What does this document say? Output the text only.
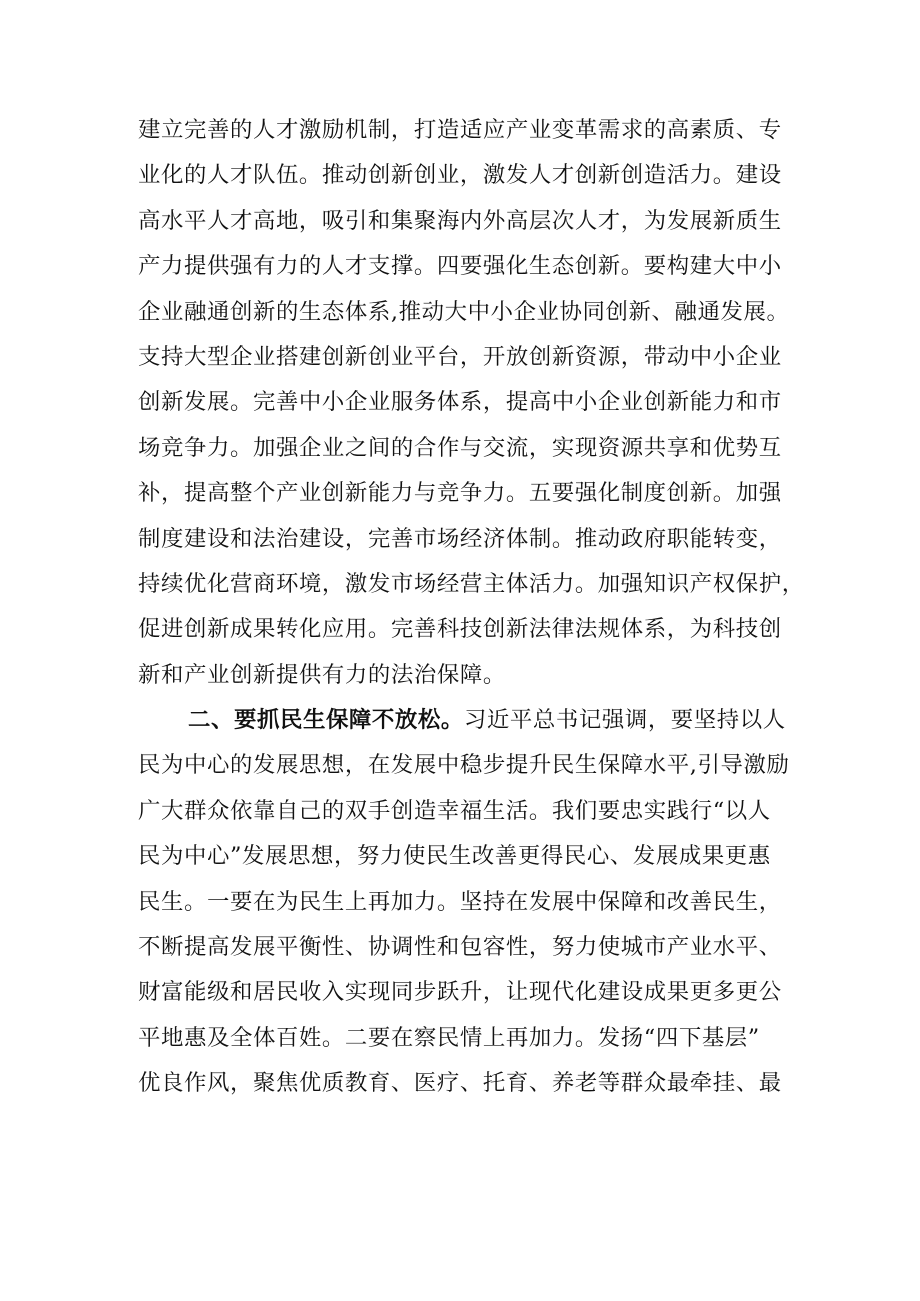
建立完善的人才激励机制，打造适应产业变革需求的高素质、专
业化的人才队伍。推动创新创业，激发人才创新创造活力。建设
高水平人才高地，吸引和集聚海内外高层次人才，为发展新质生
产力提供强有力的人才支撑。四要强化生态创新。要构建大中小
企业融通创新的生态体系,推动大中小企业协同创新、融通发展。
支持大型企业搭建创新创业平台，开放创新资源，带动中小企业
创新发展。完善中小企业服务体系，提高中小企业创新能力和市
场竞争力。加强企业之间的合作与交流，实现资源共享和优势互
补，提高整个产业创新能力与竞争力。五要强化制度创新。加强
制度建设和法治建设，完善市场经济体制。推动政府职能转变，
持续优化营商环境，激发市场经营主体活力。加强知识产权保护，
促进创新成果转化应用。完善科技创新法律法规体系，为科技创
新和产业创新提供有力的法治保障。
二、要抓民生保障不放松。习近平总书记强调，要坚持以人
民为中心的发展思想，在发展中稳步提升民生保障水平,引导激励
广大群众依靠自己的双手创造幸福生活。我们要忠实践行“以人
民为中心”发展思想，努力使民生改善更得民心、发展成果更惠
民生。一要在为民生上再加力。坚持在发展中保障和改善民生，
不断提高发展平衡性、协调性和包容性，努力使城市产业水平、
财富能级和居民收入实现同步跃升，让现代化建设成果更多更公
平地惠及全体百姓。二要在察民情上再加力。发扬“四下基层”
优良作风，聚焦优质教育、医疗、托育、养老等群众最牵挂、最
